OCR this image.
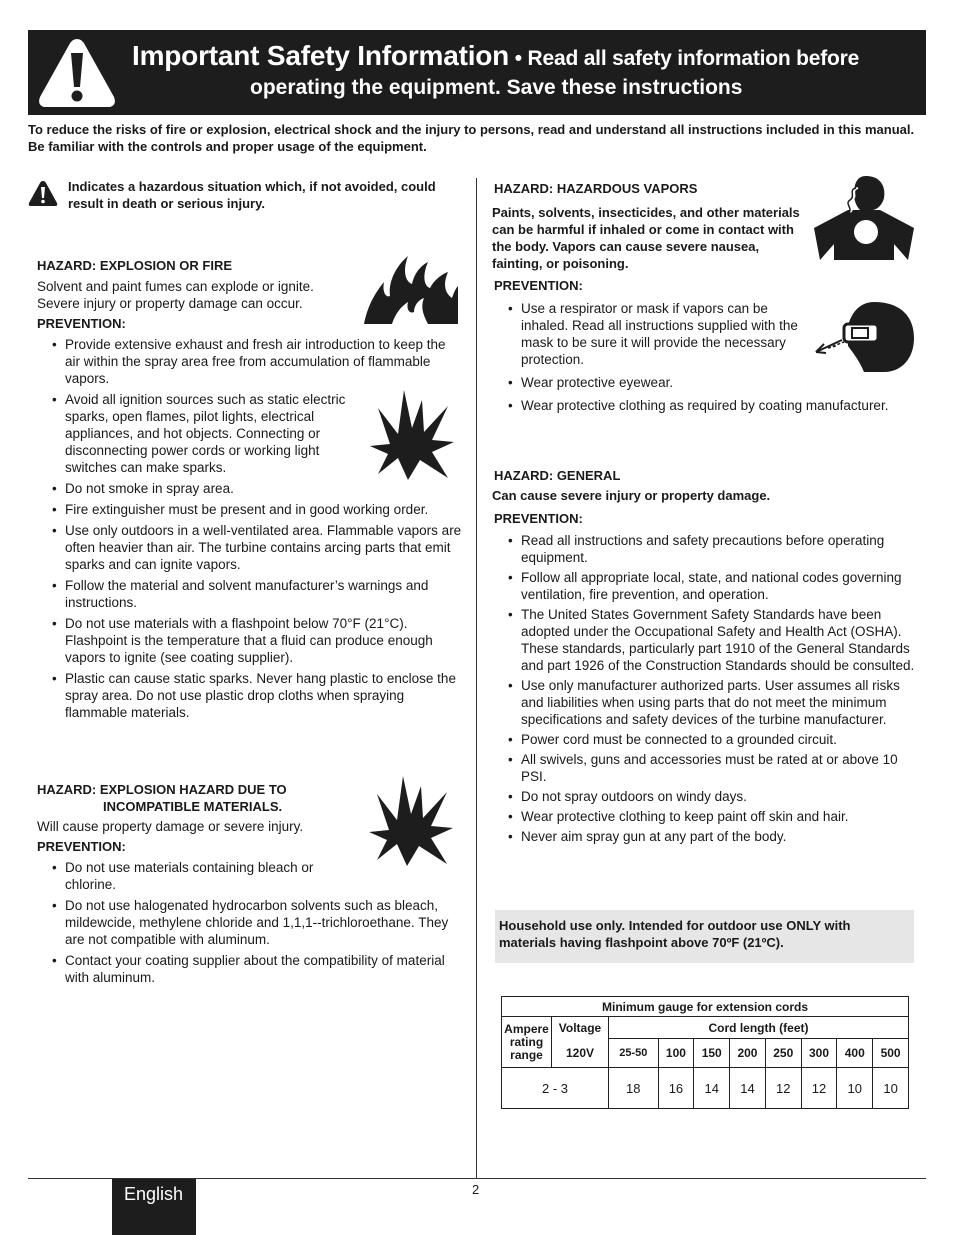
Important Safety Information • Read all safety information before
operating the equipment. Save these instructions
To reduce the risks of fire or explosion, electrical shock and the injury to persons, read and understand all instructions included in this manual. Be familiar with the controls and proper usage of the equipment.
Indicates a hazardous situation which, if not avoided, could result in death or serious injury.
HAZARD: EXPLOSION OR FIRE
Solvent and paint fumes can explode or ignite. Severe injury or property damage can occur.
PREVENTION:
• Provide extensive exhaust and fresh air introduction to keep the air within the spray area free from accumulation of flammable vapors.
• Avoid all ignition sources such as static electric sparks, open flames, pilot lights, electrical appliances, and hot objects. Connecting or disconnecting power cords or working light switches can make sparks.
• Do not smoke in spray area.
• Fire extinguisher must be present and in good working order.
• Use only outdoors in a well-ventilated area. Flammable vapors are often heavier than air. The turbine contains arcing parts that emit sparks and can ignite vapors.
• Follow the material and solvent manufacturer’s warnings and instructions.
• Do not use materials with a flashpoint below 70°F (21°C). Flashpoint is the temperature that a fluid can produce enough vapors to ignite (see coating supplier).
• Plastic can cause static sparks. Never hang plastic to enclose the spray area. Do not use plastic drop cloths when spraying flammable materials.
HAZARD: EXPLOSION HAZARD DUE TO
INCOMPATIBLE MATERIALS.
Will cause property damage or severe injury.
PREVENTION:
• Do not use materials containing bleach or chlorine.
• Do not use halogenated hydrocarbon solvents such as bleach, mildewcide, methylene chloride and 1,1,1--trichloroethane. They are not compatible with aluminum.
• Contact your coating supplier about the compatibility of material with aluminum.
HAZARD: HAZARDOUS VAPORS
Paints, solvents, insecticides, and other materials can be harmful if inhaled or come in contact with the body. Vapors can cause severe nausea, fainting, or poisoning.
PREVENTION:
• Use a respirator or mask if vapors can be inhaled. Read all instructions supplied with the mask to be sure it will provide the necessary protection.
• Wear protective eyewear.
• Wear protective clothing as required by coating manufacturer.
HAZARD: GENERAL
Can cause severe injury or property damage.
PREVENTION:
• Read all instructions and safety precautions before operating equipment.
• Follow all appropriate local, state, and national codes governing ventilation, fire prevention, and operation.
• The United States Government Safety Standards have been adopted under the Occupational Safety and Health Act (OSHA). These standards, particularly part 1910 of the General Standards and part 1926 of the Construction Standards should be consulted.
• Use only manufacturer authorized parts. User assumes all risks and liabilities when using parts that do not meet the minimum specifications and safety devices of the turbine manufacturer.
• Power cord must be connected to a grounded circuit.
• All swivels, guns and accessories must be rated at or above 10 PSI.
• Do not spray outdoors on windy days.
• Wear protective clothing to keep paint off skin and hair.
• Never aim spray gun at any part of the body.
Household use only. Intended for outdoor use ONLY with materials having flashpoint above 70ºF (21ºC).
Minimum gauge for extension cords									
Ampere rating range	Voltage	Cord length (feet)							
	120V	25-50	100	150	200	250	300	400	500
2 - 3		18	16	14	14	12	12	10	10
English	2
